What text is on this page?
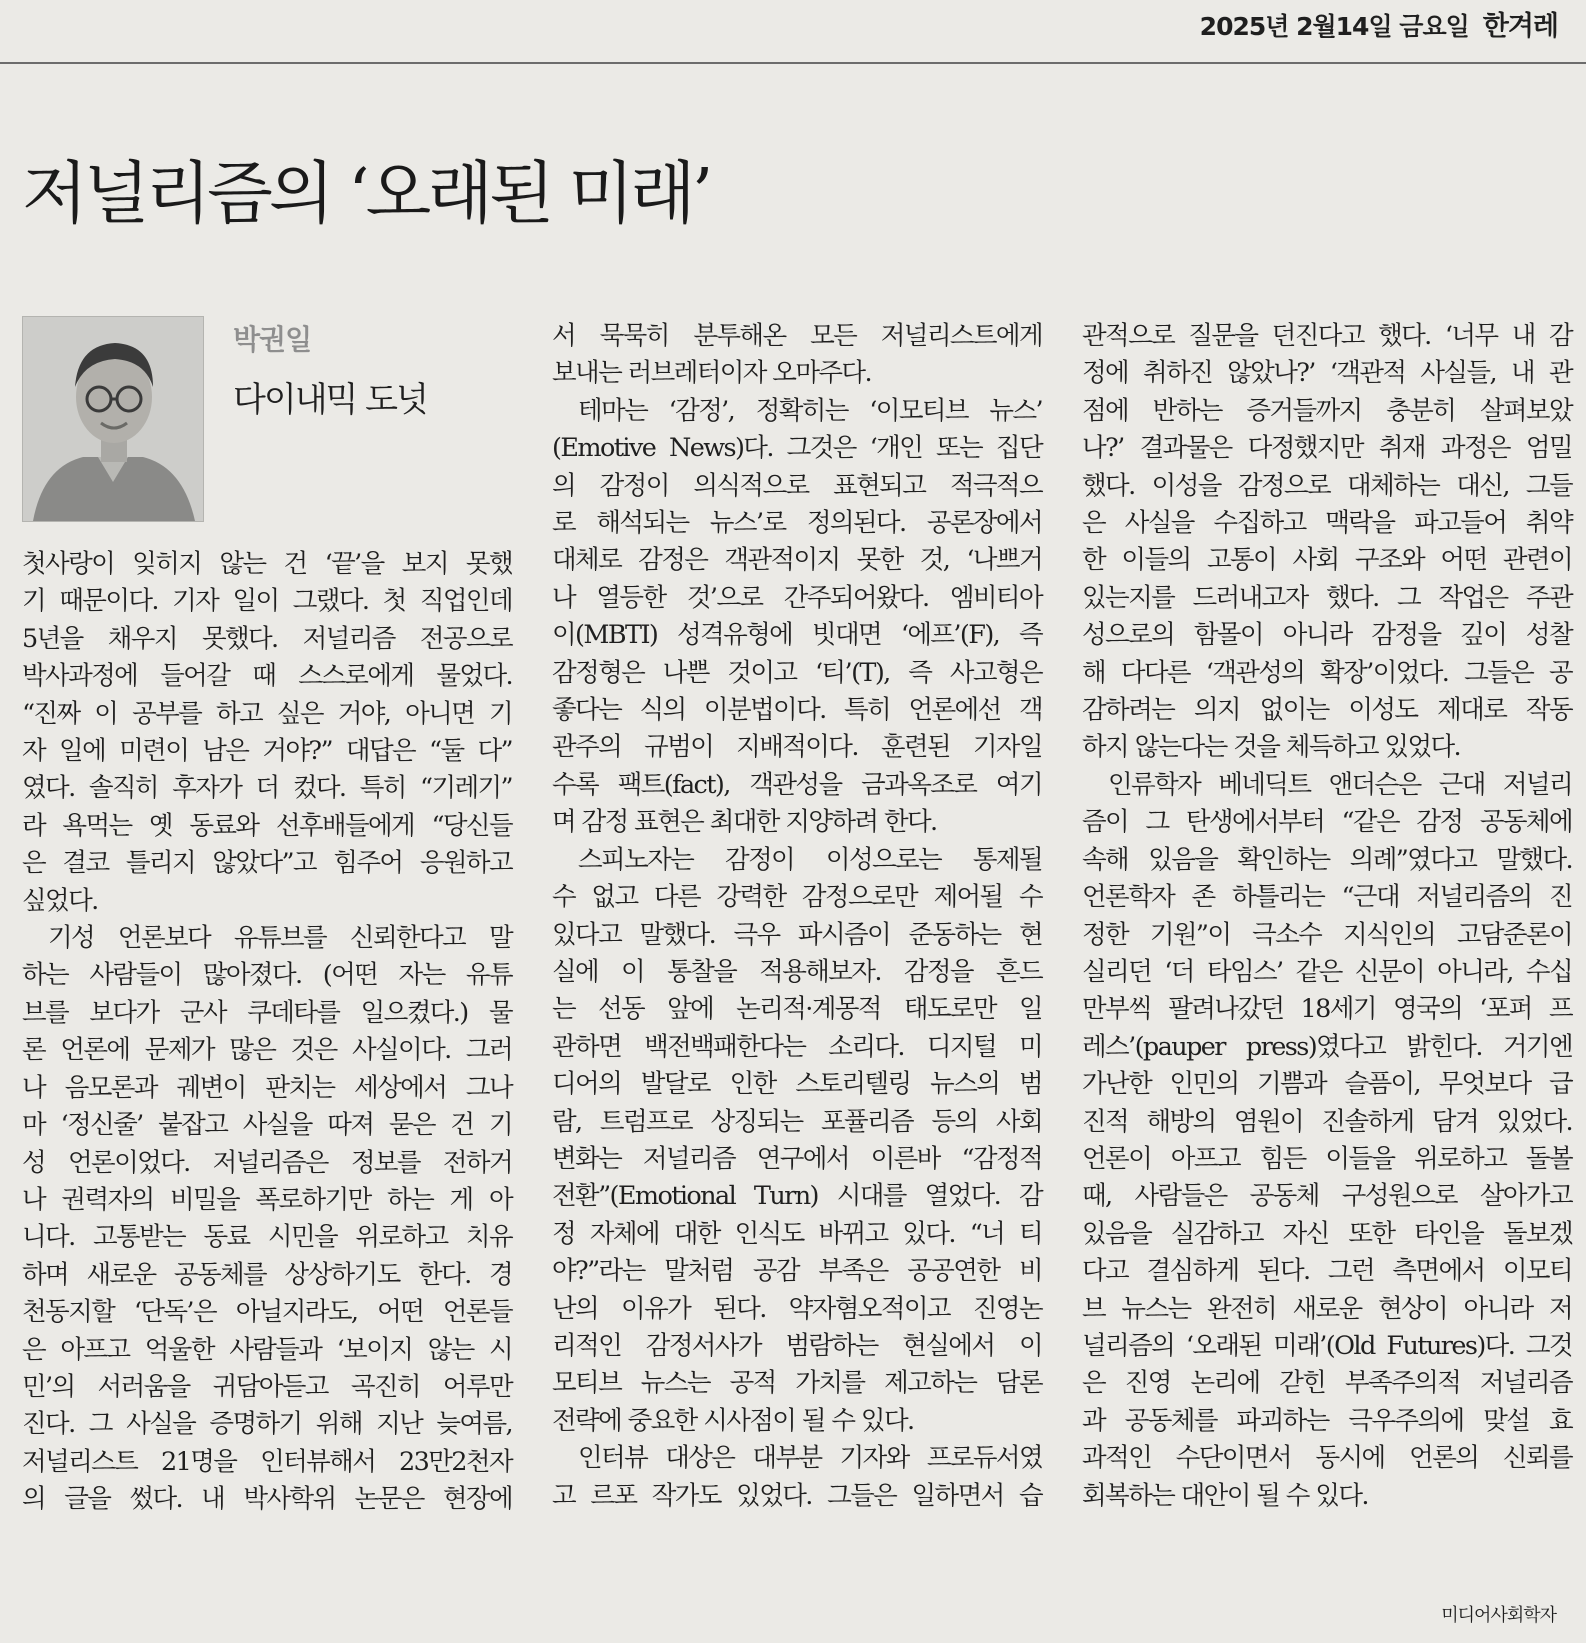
2025년 2월14일 금요일 한겨레
저널리즘의 ‘오래된 미래’
박권일
다이내믹 도넛
첫사랑이 잊히지 않는 건 ‘끝’을 보지 못했
기 때문이다. 기자 일이 그랬다. 첫 직업인데
5년을 채우지 못했다. 저널리즘 전공으로
박사과정에 들어갈 때 스스로에게 물었다.
“진짜 이 공부를 하고 싶은 거야, 아니면 기
자 일에 미련이 남은 거야?” 대답은 “둘 다”
였다. 솔직히 후자가 더 컸다. 특히 “기레기”
라 욕먹는 옛 동료와 선후배들에게 “당신들
은 결코 틀리지 않았다”고 힘주어 응원하고
싶었다.
기성 언론보다 유튜브를 신뢰한다고 말
하는 사람들이 많아졌다. (어떤 자는 유튜
브를 보다가 군사 쿠데타를 일으켰다.) 물
론 언론에 문제가 많은 것은 사실이다. 그러
나 음모론과 궤변이 판치는 세상에서 그나
마 ‘정신줄’ 붙잡고 사실을 따져 묻은 건 기
성 언론이었다. 저널리즘은 정보를 전하거
나 권력자의 비밀을 폭로하기만 하는 게 아
니다. 고통받는 동료 시민을 위로하고 치유
하며 새로운 공동체를 상상하기도 한다. 경
천동지할 ‘단독’은 아닐지라도, 어떤 언론들
은 아프고 억울한 사람들과 ‘보이지 않는 시
민’의 서러움을 귀담아듣고 곡진히 어루만
진다. 그 사실을 증명하기 위해 지난 늦여름,
저널리스트 21명을 인터뷰해서 23만2천자
의 글을 썼다. 내 박사학위 논문은 현장에
서 묵묵히 분투해온 모든 저널리스트에게
보내는 러브레터이자 오마주다.
테마는 ‘감정’, 정확히는 ‘이모티브 뉴스’
(Emotive News)다. 그것은 ‘개인 또는 집단
의 감정이 의식적으로 표현되고 적극적으
로 해석되는 뉴스’로 정의된다. 공론장에서
대체로 감정은 객관적이지 못한 것, ‘나쁘거
나 열등한 것’으로 간주되어왔다. 엠비티아
이(MBTI) 성격유형에 빗대면 ‘에프’(F), 즉
감정형은 나쁜 것이고 ‘티’(T), 즉 사고형은
좋다는 식의 이분법이다. 특히 언론에선 객
관주의 규범이 지배적이다. 훈련된 기자일
수록 팩트(fact), 객관성을 금과옥조로 여기
며 감정 표현은 최대한 지양하려 한다.
스피노자는 감정이 이성으로는 통제될
수 없고 다른 강력한 감정으로만 제어될 수
있다고 말했다. 극우 파시즘이 준동하는 현
실에 이 통찰을 적용해보자. 감정을 흔드
는 선동 앞에 논리적·계몽적 태도로만 일
관하면 백전백패한다는 소리다. 디지털 미
디어의 발달로 인한 스토리텔링 뉴스의 범
람, 트럼프로 상징되는 포퓰리즘 등의 사회
변화는 저널리즘 연구에서 이른바 “감정적
전환”(Emotional Turn) 시대를 열었다. 감
정 자체에 대한 인식도 바뀌고 있다. “너 티
야?”라는 말처럼 공감 부족은 공공연한 비
난의 이유가 된다. 약자혐오적이고 진영논
리적인 감정서사가 범람하는 현실에서 이
모티브 뉴스는 공적 가치를 제고하는 담론
전략에 중요한 시사점이 될 수 있다.
인터뷰 대상은 대부분 기자와 프로듀서였
고 르포 작가도 있었다. 그들은 일하면서 습
관적으로 질문을 던진다고 했다. ‘너무 내 감
정에 취하진 않았나?’ ‘객관적 사실들, 내 관
점에 반하는 증거들까지 충분히 살펴보았
나?’ 결과물은 다정했지만 취재 과정은 엄밀
했다. 이성을 감정으로 대체하는 대신, 그들
은 사실을 수집하고 맥락을 파고들어 취약
한 이들의 고통이 사회 구조와 어떤 관련이
있는지를 드러내고자 했다. 그 작업은 주관
성으로의 함몰이 아니라 감정을 깊이 성찰
해 다다른 ‘객관성의 확장’이었다. 그들은 공
감하려는 의지 없이는 이성도 제대로 작동
하지 않는다는 것을 체득하고 있었다.
인류학자 베네딕트 앤더슨은 근대 저널리
즘이 그 탄생에서부터 “같은 감정 공동체에
속해 있음을 확인하는 의례”였다고 말했다.
언론학자 존 하틀리는 “근대 저널리즘의 진
정한 기원”이 극소수 지식인의 고담준론이
실리던 ‘더 타임스’ 같은 신문이 아니라, 수십
만부씩 팔려나갔던 18세기 영국의 ‘포퍼 프
레스’(pauper press)였다고 밝힌다. 거기엔
가난한 인민의 기쁨과 슬픔이, 무엇보다 급
진적 해방의 염원이 진솔하게 담겨 있었다.
언론이 아프고 힘든 이들을 위로하고 돌볼
때, 사람들은 공동체 구성원으로 살아가고
있음을 실감하고 자신 또한 타인을 돌보겠
다고 결심하게 된다. 그런 측면에서 이모티
브 뉴스는 완전히 새로운 현상이 아니라 저
널리즘의 ‘오래된 미래’(Old Futures)다. 그것
은 진영 논리에 갇힌 부족주의적 저널리즘
과 공동체를 파괴하는 극우주의에 맞설 효
과적인 수단이면서 동시에 언론의 신뢰를
회복하는 대안이 될 수 있다.
미디어사회학자
